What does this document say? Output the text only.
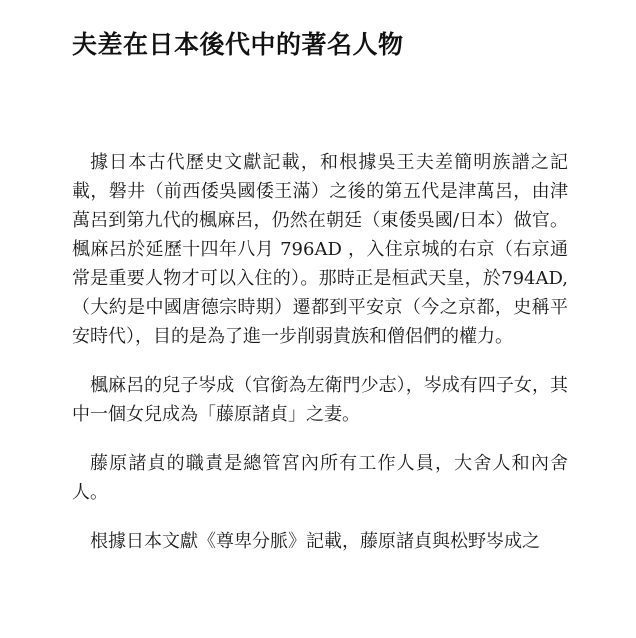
夫差在日本後代中的著名人物

據日本古代歷史文獻記載，和根據吳王夫差簡明族譜之記載，磐井（前西倭吳國倭王滿）之後的第五代是津萬呂，由津萬呂到第九代的楓麻呂，仍然在朝廷（東倭吳國/日本）做官。楓麻呂於延歷十四年八月 796AD ，入住京城的右京（右京通常是重要人物才可以入住的）。那時正是桓武天皇，於794AD, （大約是中國唐德宗時期）遷都到平安京（今之京都，史稱平安時代），目的是為了進一步削弱貴族和僧侶們的權力。

楓麻呂的兒子岑成（官銜為左衛門少志），岑成有四子女，其中一個女兒成為「藤原諸貞」之妻。

藤原諸貞的職責是總管宮內所有工作人員，大舍人和內舍人。

根據日本文獻《尊卑分脈》記載，藤原諸貞與松野岑成之
